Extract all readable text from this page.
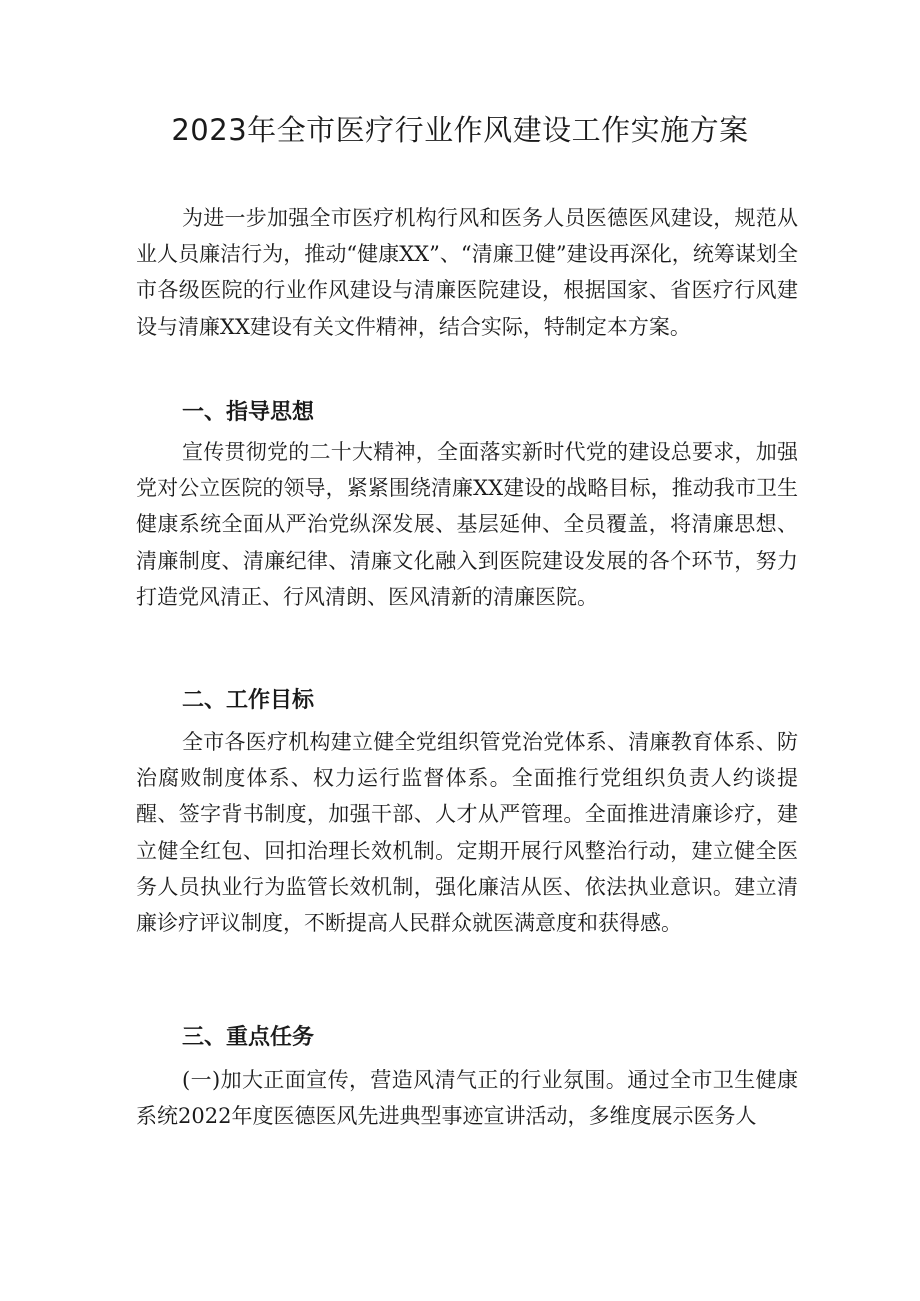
2023年全市医疗行业作风建设工作实施方案

为进一步加强全市医疗机构行风和医务人员医德医风建设，规范从业人员廉洁行为，推动“健康XX”、“清廉卫健”建设再深化，统筹谋划全市各级医院的行业作风建设与清廉医院建设，根据国家、省医疗行风建设与清廉XX建设有关文件精神，结合实际，特制定本方案。

一、指导思想

宣传贯彻党的二十大精神，全面落实新时代党的建设总要求，加强党对公立医院的领导，紧紧围绕清廉XX建设的战略目标，推动我市卫生健康系统全面从严治党纵深发展、基层延伸、全员覆盖，将清廉思想、清廉制度、清廉纪律、清廉文化融入到医院建设发展的各个环节，努力打造党风清正、行风清朗、医风清新的清廉医院。

二、工作目标

全市各医疗机构建立健全党组织管党治党体系、清廉教育体系、防治腐败制度体系、权力运行监督体系。全面推行党组织负责人约谈提醒、签字背书制度，加强干部、人才从严管理。全面推进清廉诊疗，建立健全红包、回扣治理长效机制。定期开展行风整治行动，建立健全医务人员执业行为监管长效机制，强化廉洁从医、依法执业意识。建立清廉诊疗评议制度，不断提高人民群众就医满意度和获得感。

三、重点任务

(一)加大正面宣传，营造风清气正的行业氛围。通过全市卫生健康系统2022年度医德医风先进典型事迹宣讲活动，多维度展示医务人
